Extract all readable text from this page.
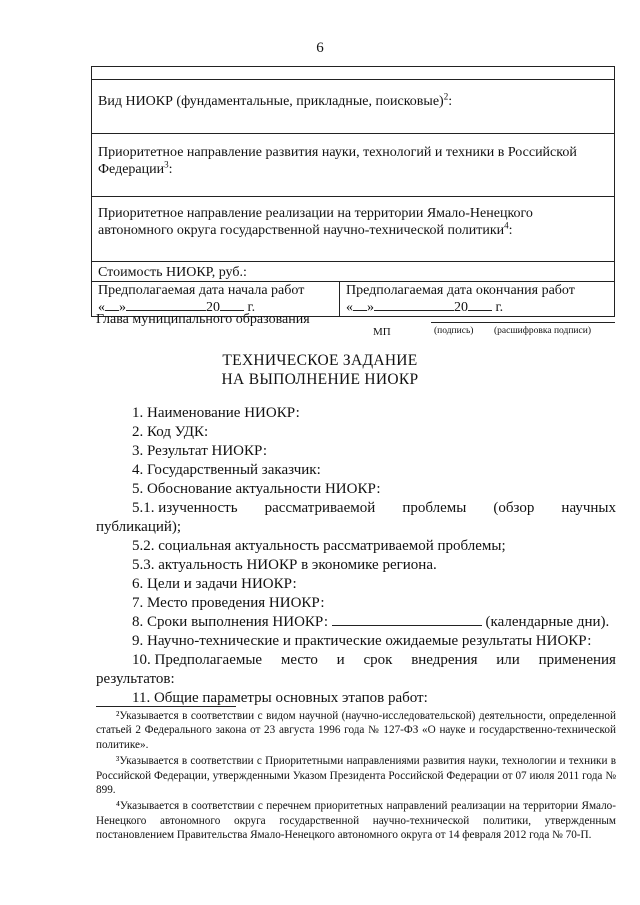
6

Вид НИОКР (фундаментальные, прикладные, поисковые)$^2$:
Приоритетное направление развития науки, технологий и техники в Российской Федерации$^3$:
Приоритетное направление реализации на территории Ямало-Ненецкого автономного округа государственной научно-технической политики$^4$:
Стоимость НИОКР, руб.:

Предполагаемая дата начала работ
« »	20 г.

Предполагаемая дата окончания работ
« »	20 г.
Глава муниципального образования
МП	(подпись) (расшифровка подписи)
ТЕХНИЧЕСКОЕ ЗАДАНИЕ
НА ВЫПОЛНЕНИЕ НИОКР
1. Наименование НИОКР:
2. Код УДК:
3. Результат НИОКР:
4. Государственный заказчик:
5. Обоснование актуальности НИОКР:
5.1. изученность рассматриваемой проблемы (обзор научных
публикаций);
5.2. социальная актуальность рассматриваемой проблемы;
5.3. актуальность НИОКР в экономике региона.
6. Цели и задачи НИОКР:
7. Место проведения НИОКР:
8. Сроки выполнения НИОКР:	(календарные дни).
9. Научно-технические и практические ожидаемые результаты НИОКР:
10. Предполагаемые место и срок внедрения или применения
результатов:
11. Общие параметры основных этапов работ:

²Указывается в соответствии с видом научной (научно-исследовательской) деятельности, определенной статьей 2 Федерального закона от 23 августа 1996 года № 127-ФЗ «О науке и государственно-технической политике».

³Указывается в соответствии с Приоритетными направлениями развития науки, технологии и техники в Российской Федерации, утвержденными Указом Президента Российской Федерации от 07 июля 2011 года № 899.

⁴Указывается в соответствии с перечнем приоритетных направлений реализации на территории Ямало-Ненецкого автономного округа государственной научно-технической политики, утвержденным постановлением Правительства Ямало-Ненецкого автономного округа от 14 февраля 2012 года № 70-П.
